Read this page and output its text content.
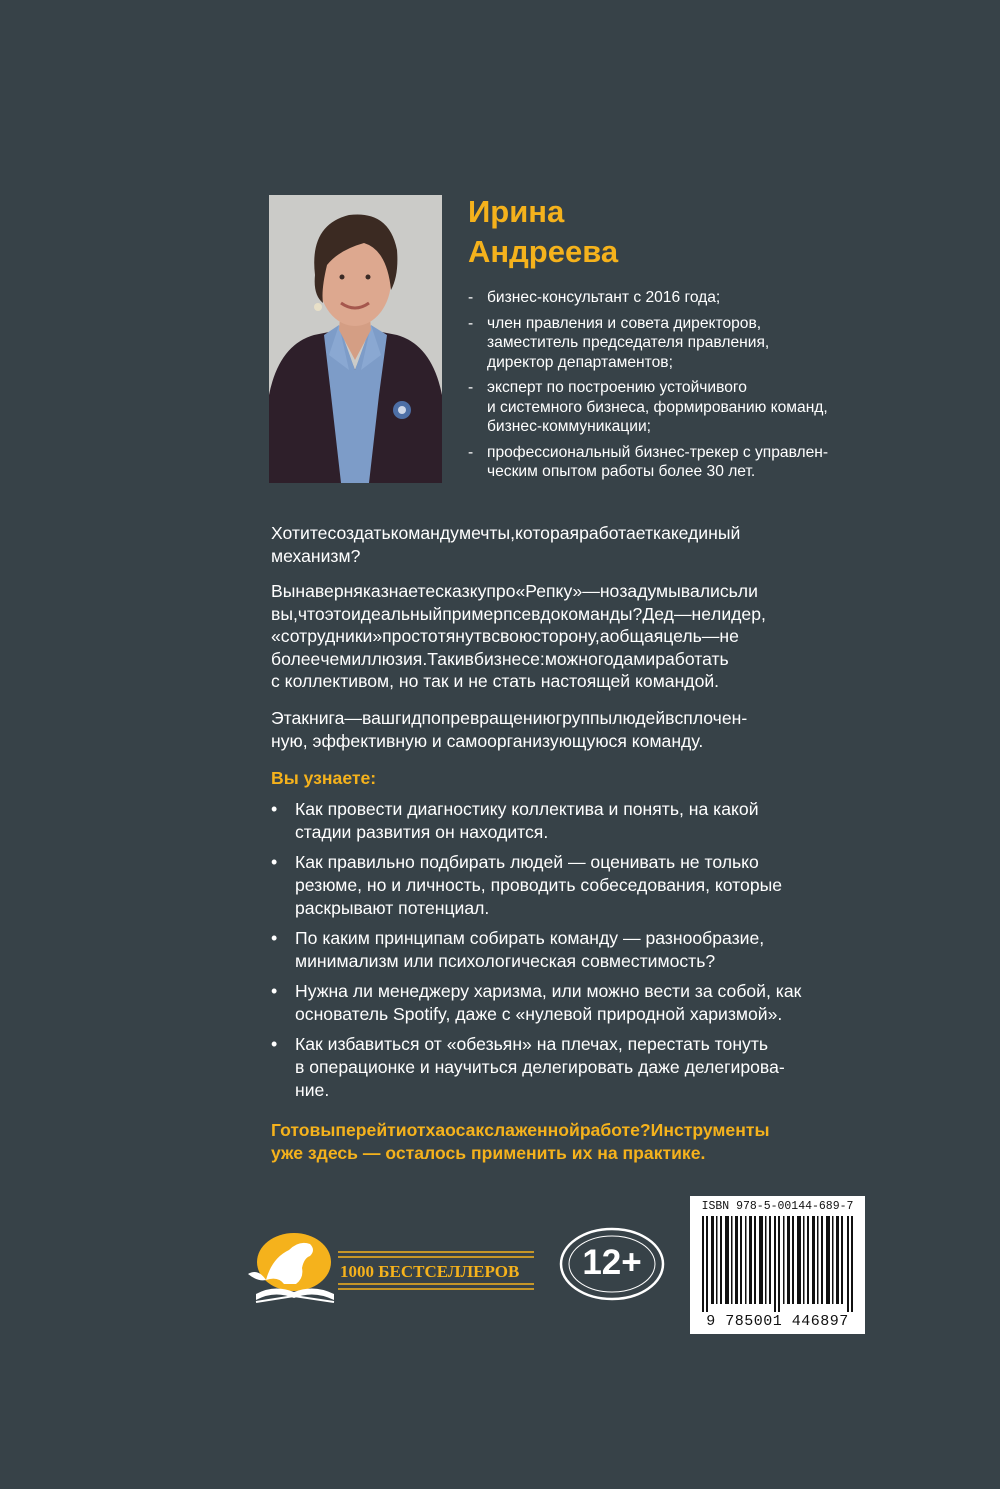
Ирина
Андреева
- бизнес-консультант с 2016 года;
- член правления и совета директоров,
заместитель председателя правления,
директор департаментов;
- эксперт по построению устойчивого
и системного бизнеса, формированию команд,
бизнес-коммуникации;
- профессиональный бизнес-трекер с управлен-
ческим опытом работы более 30 лет.

Хотитесоздатькомандумечты,котораяработаеткакединый
механизм?

Вынаверняказнаетесказкупро«Репку»—нозадумывалисьли
вы,чтоэтоидеальныйпримерпсевдокоманды?Дед—нелидер,
«сотрудники»простотянутвсвоюсторону,аобщаяцель—не
болеечемиллюзия.Такивбизнесе:можногодамиработать
с коллективом, но так и не стать настоящей командой.

Этакнига—вашгидпопревращениюгруппылюдейвсплочен-
ную, эффективную и самоорганизующуюся команду.

Вы узнаете:

• Как провести диагностику коллектива и понять, на какой
стадии развития он находится.
• Как правильно подбирать людей — оценивать не только
резюме, но и личность, проводить собеседования, которые
раскрывают потенциал.
• По каким принципам собирать команду — разнообразие,
минимализм или психологическая совместимость?
• Нужна ли менеджеру харизма, или можно вести за собой, как
основатель Spotify, даже с «нулевой природной харизмой».
• Как избавиться от «обезьян» на плечах, перестать тонуть
в операционке и научиться делегировать даже делегирова-
ние.

Готовыперейтиотхаосакслаженнойработе?Инструменты
уже здесь — осталось применить их на практике.

1000 БЕСТСЕЛЛЕРОВ	12+
ISBN 978-5-00144-689-7
9 785001 446897
